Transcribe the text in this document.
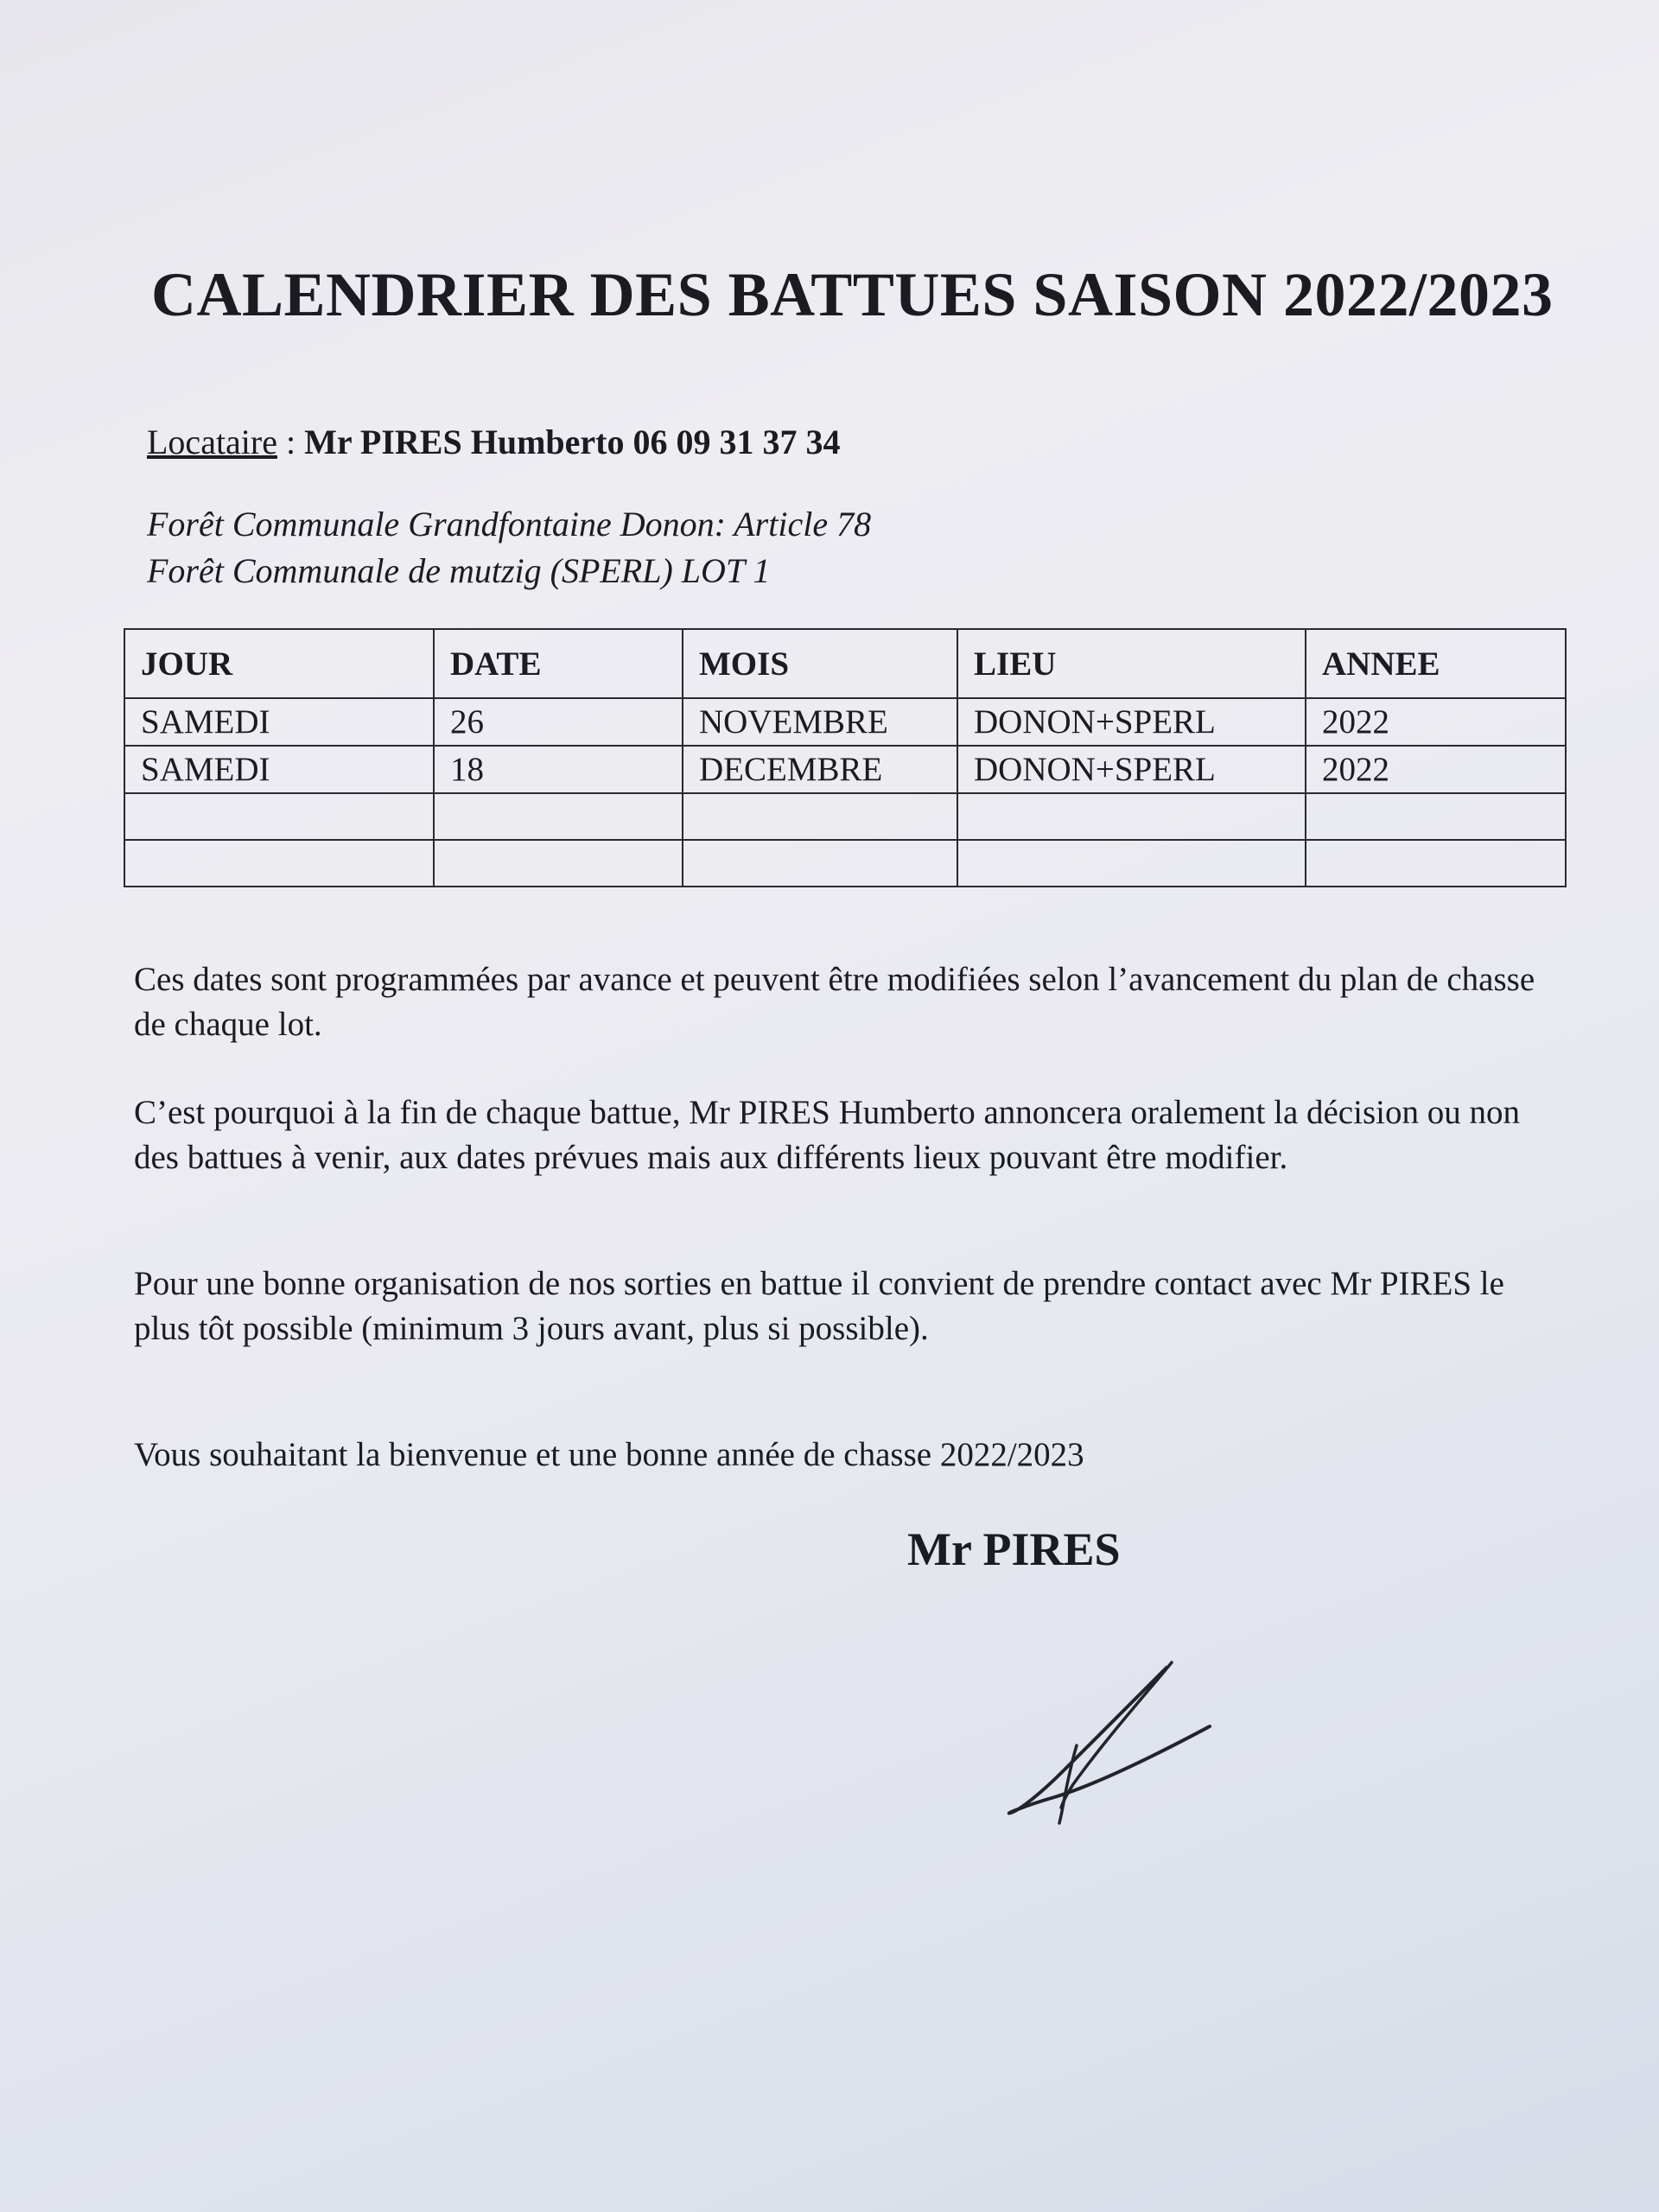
CALENDRIER DES BATTUES SAISON 2022/2023
Locataire : Mr PIRES Humberto 06 09 31 37 34
Forêt Communale Grandfontaine Donon: Article 78
Forêt Communale de mutzig (SPERL) LOT 1
JOUR	DATE	MOIS	LIEU	ANNEE
SAMEDI	26	NOVEMBRE	DONON+SPERL	2022
SAMEDI	18	DECEMBRE	DONON+SPERL	2022

Ces dates sont programmées par avance et peuvent être modifiées selon l’avancement du plan de chasse de chaque lot.
C’est pourquoi à la fin de chaque battue, Mr PIRES Humberto annoncera oralement la décision ou non des battues à venir, aux dates prévues mais aux différents lieux pouvant être modifier.
Pour une bonne organisation de nos sorties en battue il convient de prendre contact avec Mr PIRES le plus tôt possible (minimum 3 jours avant, plus si possible).
Vous souhaitant la bienvenue et une bonne année de chasse 2022/2023
Mr PIRES
